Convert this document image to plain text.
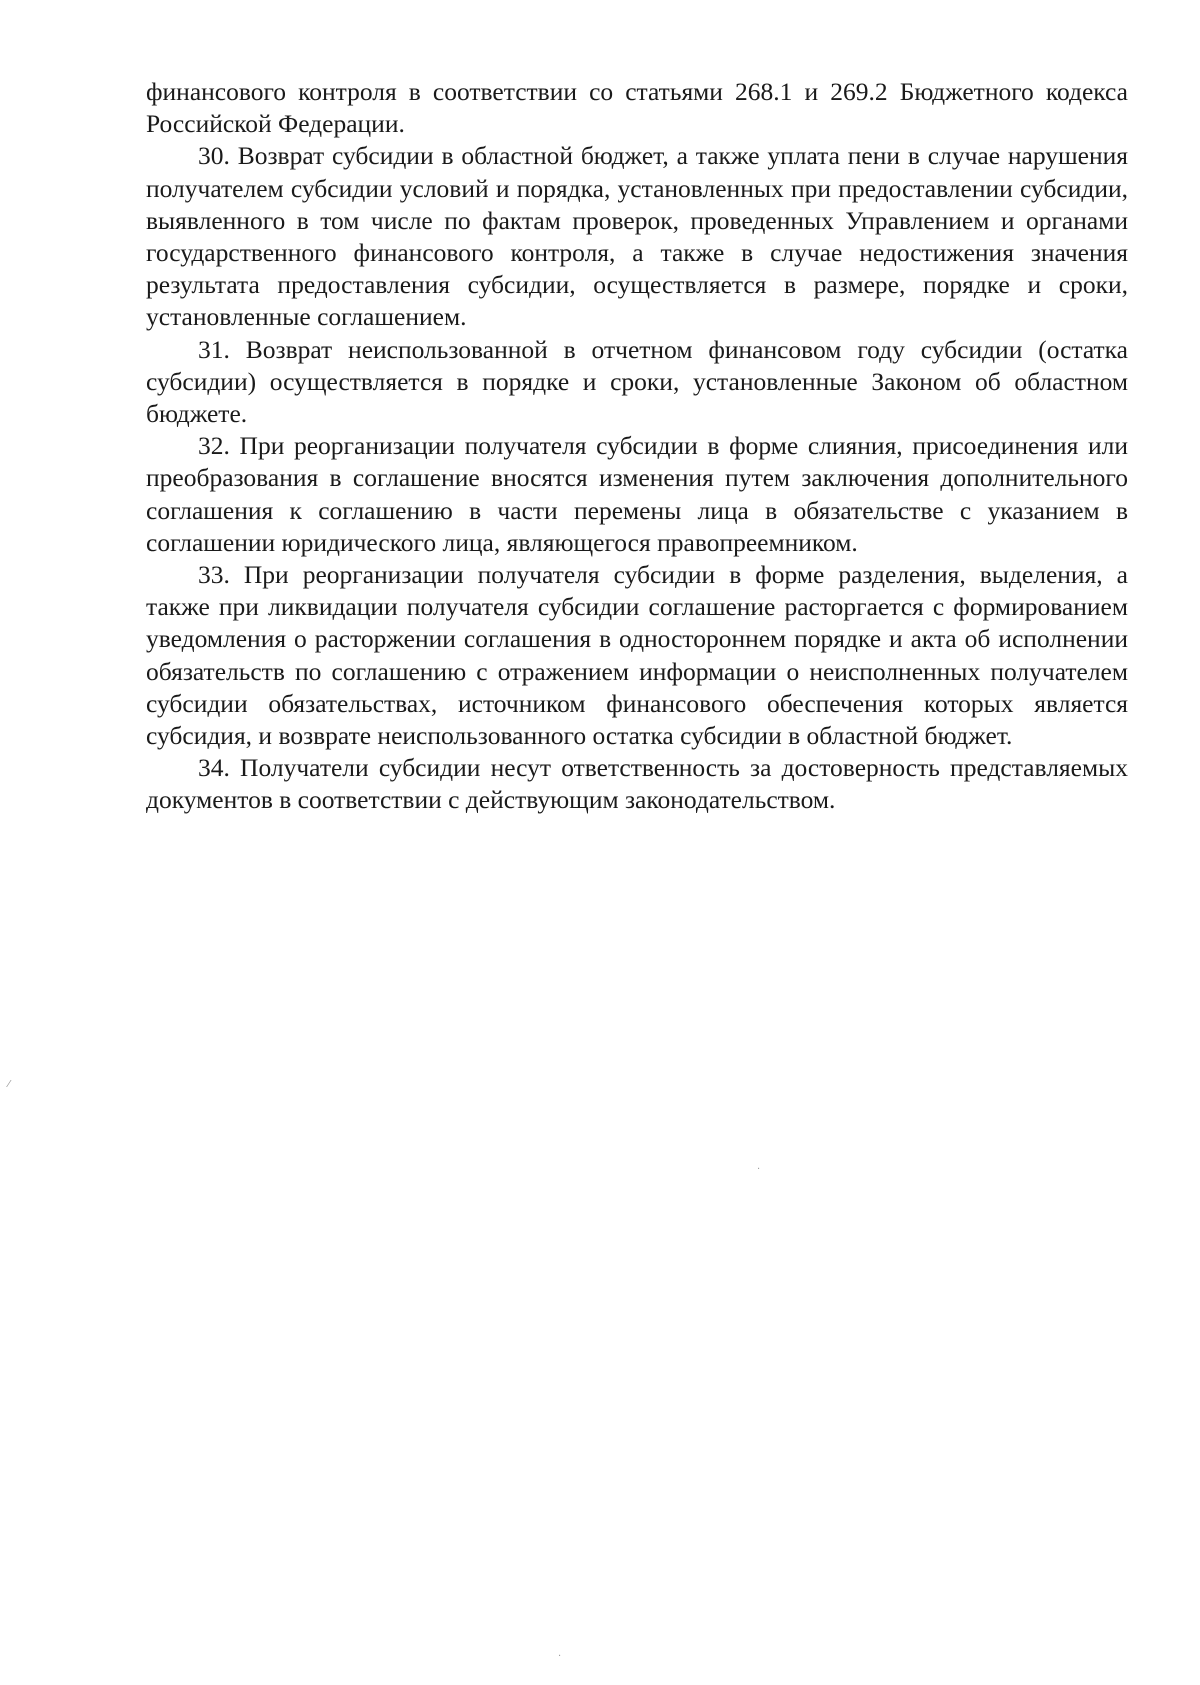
финансового контроля в соответствии со статьями 268.1 и 269.2 Бюджетного кодекса Российской Федерации.

30. Возврат субсидии в областной бюджет, а также уплата пени в случае нарушения получателем субсидии условий и порядка, установленных при предоставлении субсидии, выявленного в том числе по фактам проверок, проведенных Управлением и органами государственного финансового контроля, а также в случае недостижения значения результата предоставления субсидии, осуществляется в размере, порядке и сроки, установленные соглашением.

31. Возврат неиспользованной в отчетном финансовом году субсидии (остатка субсидии) осуществляется в порядке и сроки, установленные Законом об областном бюджете.

32. При реорганизации получателя субсидии в форме слияния, присоединения или преобразования в соглашение вносятся изменения путем заключения дополнительного соглашения к соглашению в части перемены лица в обязательстве с указанием в соглашении юридического лица, являющегося правопреемником.

33. При реорганизации получателя субсидии в форме разделения, выделения, а также при ликвидации получателя субсидии соглашение расторгается с формированием уведомления о расторжении соглашения в одностороннем порядке и акта об исполнении обязательств по соглашению с отражением информации о неисполненных получателем субсидии обязательствах, источником финансового обеспечения которых является субсидия, и возврате неиспользованного остатка субсидии в областной бюджет.

34. Получатели субсидии несут ответственность за достоверность представляемых документов в соответствии с действующим законодательством.

⁄
·
·
